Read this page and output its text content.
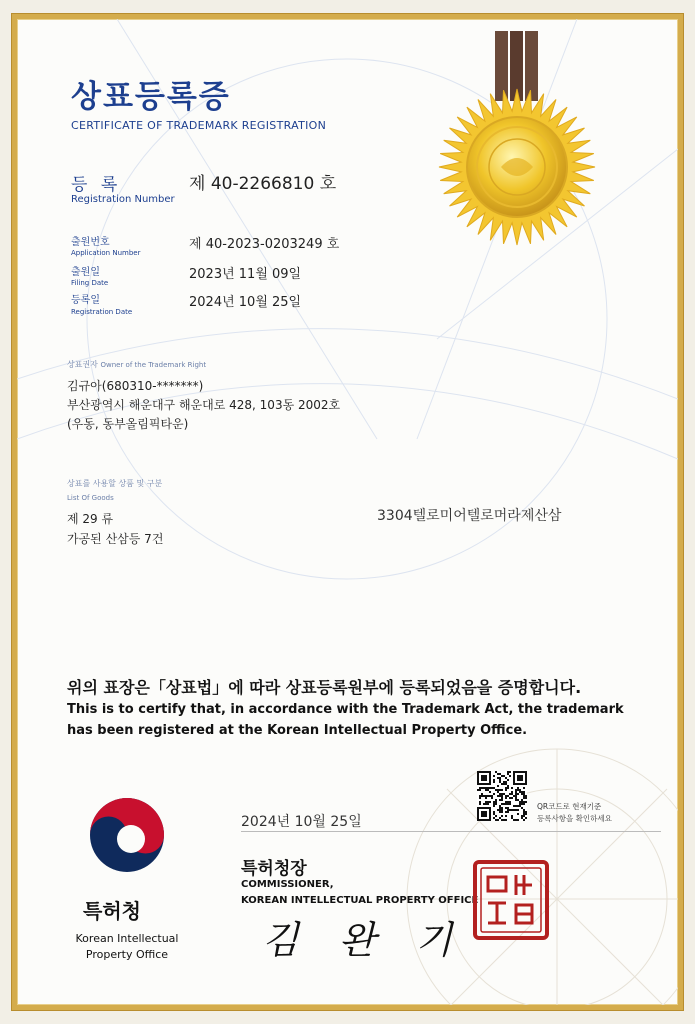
상표등록증
CERTIFICATE OF TRADEMARK REGISTRATION
등 록
Registration Number
제 40-2266810 호
출원번호
Application Number
제 40-2023-0203249 호
출원일
Filing Date
2023년 11월 09일
등록일
Registration Date
2024년 10월 25일
상표권자 Owner of the Trademark Right
김규아(680310-*******)
부산광역시 해운대구 해운대로 428, 103동 2002호
(우동, 동부올림픽타운)
상표를 사용할 상품 및 구분
List Of Goods
제 29 류
가공된 산삼등 7건
3304텔로미어텔로머라제산삼
위의 표장은「상표법」에 따라 상표등록원부에 등록되었음을 증명합니다.
This is to certify that, in accordance with the Trademark Act, the trademark
has been registered at the Korean Intellectual Property Office.
특허청
Korean Intellectual
Property Office
2024년 10월 25일
QR코드로 현재기준
등록사항을 확인하세요
특허청장
COMMISSIONER,
KOREAN INTELLECTUAL PROPERTY OFFICE
김 완 기
